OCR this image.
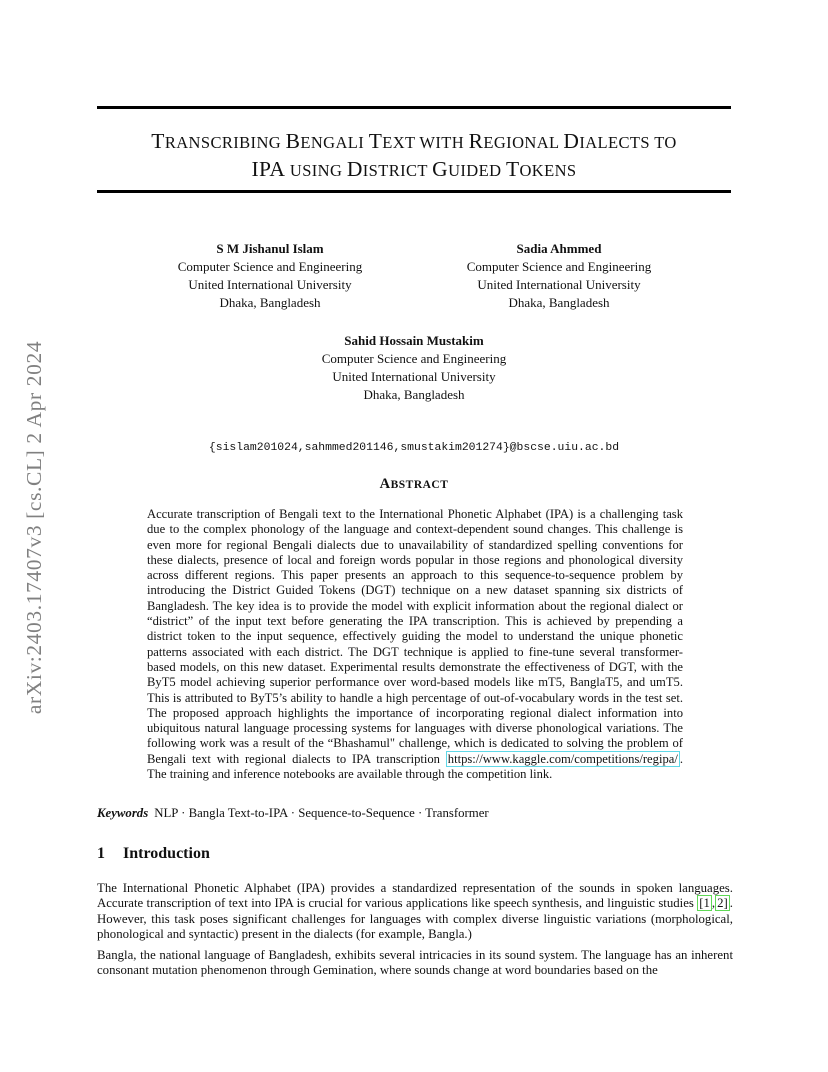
arXiv:2403.17407v3 [cs.CL] 2 Apr 2024
TRANSCRIBING BENGALI TEXT WITH REGIONAL DIALECTS TO
IPA USING DISTRICT GUIDED TOKENS
S M Jishanul Islam
Computer Science and Engineering
United International University
Dhaka, Bangladesh
Sadia Ahmmed
Computer Science and Engineering
United International University
Dhaka, Bangladesh
Sahid Hossain Mustakim
Computer Science and Engineering
United International University
Dhaka, Bangladesh
{sislam201024,sahmmed201146,smustakim201274}@bscse.uiu.ac.bd
ABSTRACT

Accurate transcription of Bengali text to the International Phonetic Alphabet (IPA) is a challenging task due to the complex phonology of the language and context-dependent sound changes. This challenge is even more for regional Bengali dialects due to unavailability of standardized spelling conventions for these dialects, presence of local and foreign words popular in those regions and phonological diversity across different regions. This paper presents an approach to this sequence-to-sequence problem by introducing the District Guided Tokens (DGT) technique on a new dataset spanning six districts of Bangladesh. The key idea is to provide the model with explicit information about the regional dialect or “district” of the input text before generating the IPA transcription. This is achieved by prepending a district token to the input sequence, effectively guiding the model to understand the unique phonetic patterns associated with each district. The DGT technique is applied to fine-tune several transformer-based models, on this new dataset. Experimental results demonstrate the effectiveness of DGT, with the ByT5 model achieving superior performance over word-based models like mT5, BanglaT5, and umT5. This is attributed to ByT5’s ability to handle a high percentage of out-of-vocabulary words in the test set. The proposed approach highlights the importance of incorporating regional dialect information into ubiquitous natural language processing systems for languages with diverse phonological variations. The following work was a result of the “Bhashamul" challenge, which is dedicated to solving the problem of Bengali text with regional dialects to IPA transcription https://www.kaggle.com/competitions/regipa/ . The training and inference notebooks are available through the competition link.

Keywords NLP · Bangla Text-to-IPA · Sequence-to-Sequence · Transformer
1 Introduction

The International Phonetic Alphabet (IPA) provides a standardized representation of the sounds in spoken languages. Accurate transcription of text into IPA is crucial for various applications like speech synthesis, and linguistic studies [1 , 2] . However, this task poses significant challenges for languages with complex diverse linguistic variations (morphological, phonological and syntactic) present in the dialects (for example, Bangla.)

Bangla, the national language of Bangladesh, exhibits several intricacies in its sound system. The language has an inherent consonant mutation phenomenon through Gemination, where sounds change at word boundaries based on the
